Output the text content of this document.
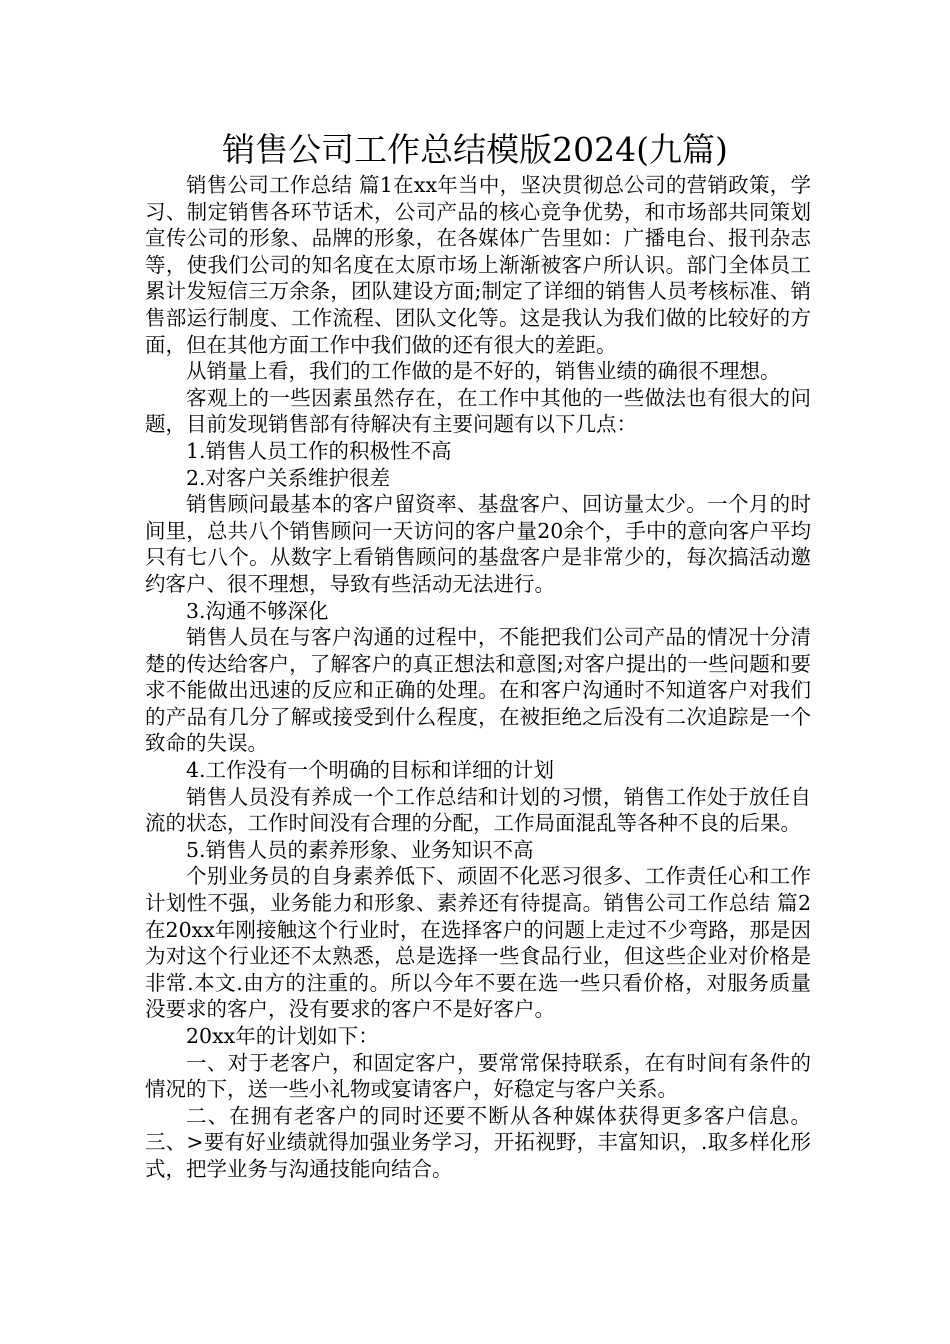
销售公司工作总结模版2024(九篇)

销售公司工作总结 篇1在xx年当中，坚决贯彻总公司的营销政策，学习、制定销售各环节话术，公司产品的核心竞争优势，和市场部共同策划宣传公司的形象、品牌的形象，在各媒体广告里如：广播电台、报刊杂志等，使我们公司的知名度在太原市场上渐渐被客户所认识。部门全体员工累计发短信三万余条，团队建设方面;制定了详细的销售人员考核标准、销售部运行制度、工作流程、团队文化等。这是我认为我们做的比较好的方面，但在其他方面工作中我们做的还有很大的差距。

从销量上看，我们的工作做的是不好的，销售业绩的确很不理想。

客观上的一些因素虽然存在，在工作中其他的一些做法也有很大的问题，目前发现销售部有待解决有主要问题有以下几点：

1.销售人员工作的积极性不高

2.对客户关系维护很差

销售顾问最基本的客户留资率、基盘客户、回访量太少。一个月的时间里，总共八个销售顾问一天访问的客户量20余个，手中的意向客户平均只有七八个。从数字上看销售顾问的基盘客户是非常少的，每次搞活动邀约客户、很不理想，导致有些活动无法进行。

3.沟通不够深化

销售人员在与客户沟通的过程中，不能把我们公司产品的情况十分清楚的传达给客户，了解客户的真正想法和意图;对客户提出的一些问题和要求不能做出迅速的反应和正确的处理。在和客户沟通时不知道客户对我们的产品有几分了解或接受到什么程度，在被拒绝之后没有二次追踪是一个致命的失误。

4.工作没有一个明确的目标和详细的计划

销售人员没有养成一个工作总结和计划的习惯，销售工作处于放任自流的状态，工作时间没有合理的分配，工作局面混乱等各种不良的后果。

5.销售人员的素养形象、业务知识不高

个别业务员的自身素养低下、顽固不化恶习很多、工作责任心和工作计划性不强，业务能力和形象、素养还有待提高。销售公司工作总结 篇2在20xx年刚接触这个行业时，在选择客户的问题上走过不少弯路，那是因为对这个行业还不太熟悉，总是选择一些食品行业，但这些企业对价格是非常.本文.由方的注重的。所以今年不要在选一些只看价格，对服务质量没要求的客户，没有要求的客户不是好客户。

20xx年的计划如下：

一、对于老客户，和固定客户，要常常保持联系，在有时间有条件的情况的下，送一些小礼物或宴请客户，好稳定与客户关系。

二、在拥有老客户的同时还要不断从各种媒体获得更多客户信息。三、>要有好业绩就得加强业务学习，开拓视野，丰富知识，.取多样化形式，把学业务与沟通技能向结合。
